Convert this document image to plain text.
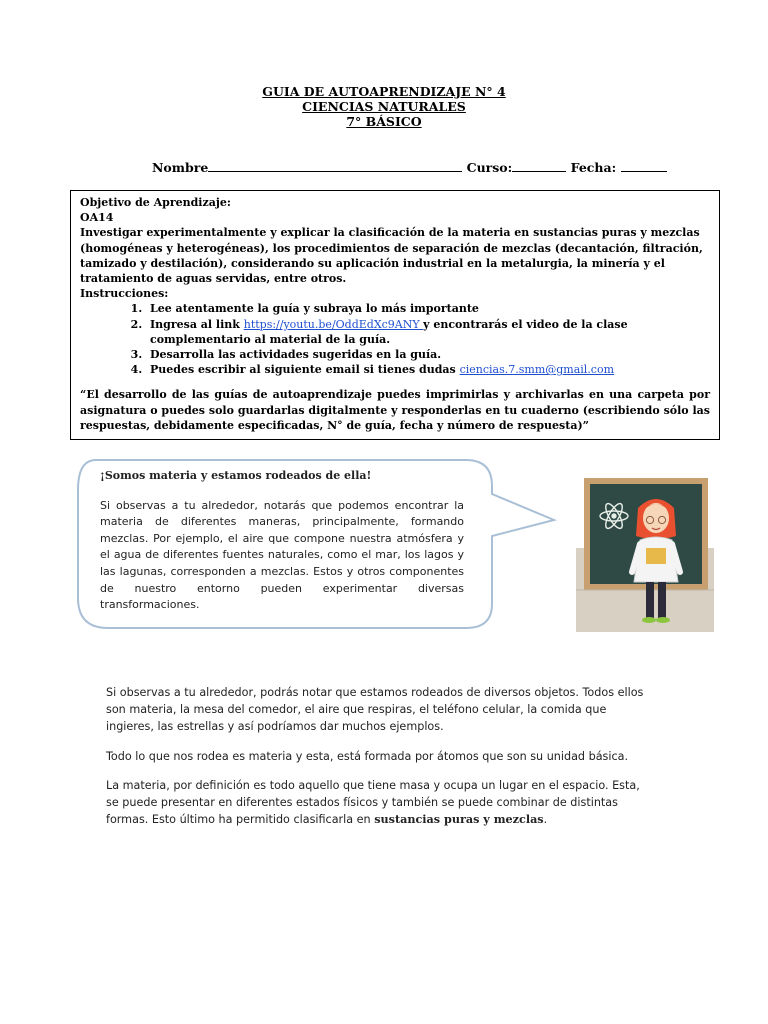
GUIA DE AUTOAPRENDIZAJE N° 4
CIENCIAS NATURALES
7° BÁSICO
Nombre	Curso:	Fecha:

Objetivo de Aprendizaje:

OA14

Investigar experimentalmente y explicar la clasificación de la materia en sustancias puras y mezclas (homogéneas y heterogéneas), los procedimientos de separación de mezclas (decantación, filtración, tamizado y destilación), considerando su aplicación industrial en la metalurgia, la minería y el tratamiento de aguas servidas, entre otros.

Instrucciones:

1. Lee atentamente la guía y subraya lo más importante
2. Ingresa al link https://youtu.be/OddEdXc9ANY y encontrarás el video de la clase complementario al material de la guía.
3. Desarrolla las actividades sugeridas en la guía.
4. Puedes escribir al siguiente email si tienes dudas ciencias.7.smm@gmail.com

“El desarrollo de las guías de autoaprendizaje puedes imprimirlas y archivarlas en una carpeta por asignatura o puedes solo guardarlas digitalmente y responderlas en tu cuaderno (escribiendo sólo las respuestas, debidamente especificadas, N° de guía, fecha y número de respuesta)”

¡Somos materia y estamos rodeados de ella!

Si observas a tu alrededor, notarás que podemos encontrar la materia de diferentes maneras, principalmente, formando mezclas. Por ejemplo, el aire que compone nuestra atmósfera y el agua de diferentes fuentes naturales, como el mar, los lagos y las lagunas, corresponden a mezclas. Estos y otros componentes de nuestro entorno pueden experimentar diversas transformaciones.

Si observas a tu alrededor, podrás notar que estamos rodeados de diversos objetos. Todos ellos son materia, la mesa del comedor, el aire que respiras, el teléfono celular, la comida que ingieres, las estrellas y así podríamos dar muchos ejemplos.

Todo lo que nos rodea es materia y esta, está formada por átomos que son su unidad básica.

La materia, por definición es todo aquello que tiene masa y ocupa un lugar en el espacio. Esta, se puede presentar en diferentes estados físicos y también se puede combinar de distintas formas. Esto último ha permitido clasificarla en sustancias puras y mezclas.
